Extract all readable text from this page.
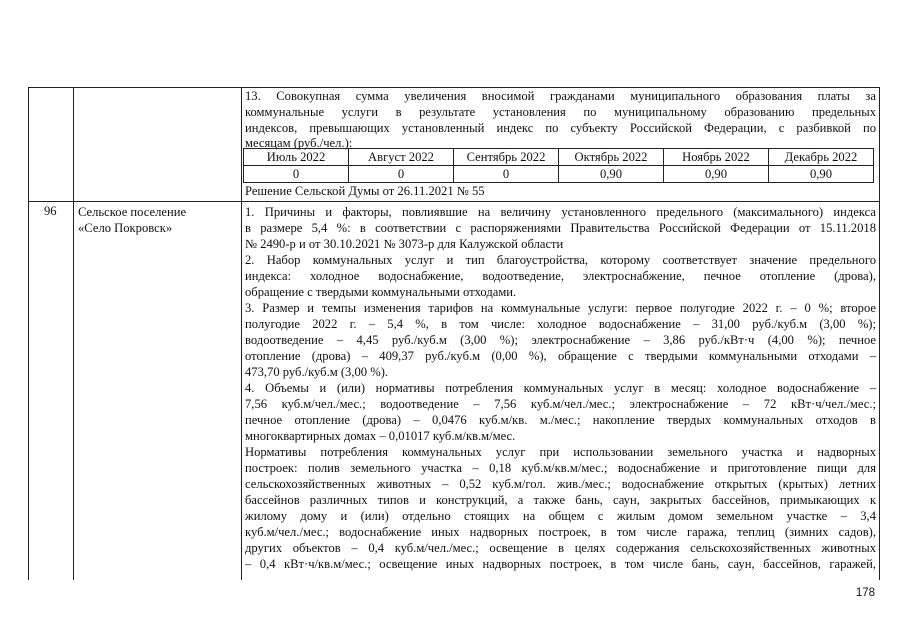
13. Совокупная сумма увеличения вносимой гражданами муниципального образования платы за
коммунальные услуги в результате установления по муниципальному образованию предельных
индексов, превышающих установленный индекс по субъекту Российской Федерации, с разбивкой по
месяцам (руб./чел.):
Июль 2022	Август 2022	Сентябрь 2022	Октябрь 2022	Ноябрь 2022	Декабрь 2022
0	0	0	0,90	0,90	0,90
Решение Сельской Думы от 26.11.2021 № 55
96 Сельское поселение
«Село Покровск»
1. Причины и факторы, повлиявшие на величину установленного предельного (максимального) индекса
в размере 5,4 %: в соответствии с распоряжениями Правительства Российской Федерации от 15.11.2018
№ 2490-р и от 30.10.2021 № 3073-р для Калужской области
2. Набор коммунальных услуг и тип благоустройства, которому соответствует значение предельного
индекса: холодное водоснабжение, водоотведение, электроснабжение, печное отопление (дрова),
обращение с твердыми коммунальными отходами.
3. Размер и темпы изменения тарифов на коммунальные услуги: первое полугодие 2022 г. – 0 %; второе
полугодие 2022 г. – 5,4 %, в том числе: холодное водоснабжение – 31,00 руб./куб.м (3,00 %);
водоотведение – 4,45 руб./куб.м (3,00 %); электроснабжение – 3,86 руб./кВт·ч (4,00 %); печное
отопление (дрова) – 409,37 руб./куб.м (0,00 %), обращение с твердыми коммунальными отходами –
473,70 руб./куб.м (3,00 %).
4. Объемы и (или) нормативы потребления коммунальных услуг в месяц: холодное водоснабжение –
7,56 куб.м/чел./мес.; водоотведение – 7,56 куб.м/чел./мес.; электроснабжение – 72 кВт·ч/чел./мес.;
печное отопление (дрова) – 0,0476 куб.м/кв. м./мес.; накопление твердых коммунальных отходов в
многоквартирных домах – 0,01017 куб.м/кв.м/мес.
Нормативы потребления коммунальных услуг при использовании земельного участка и надворных
построек: полив земельного участка – 0,18 куб.м/кв.м/мес.; водоснабжение и приготовление пищи для
сельскохозяйственных животных – 0,52 куб.м/гол. жив./мес.; водоснабжение открытых (крытых) летних
бассейнов различных типов и конструкций, а также бань, саун, закрытых бассейнов, примыкающих к
жилому дому и (или) отдельно стоящих на общем с жилым домом земельном участке – 3,4
куб.м/чел./мес.; водоснабжение иных надворных построек, в том числе гаража, теплиц (зимних садов),
других объектов – 0,4 куб.м/чел./мес.; освещение в целях содержания сельскохозяйственных животных
– 0,4 кВт·ч/кв.м/мес.; освещение иных надворных построек, в том числе бань, саун, бассейнов, гаражей,
178
